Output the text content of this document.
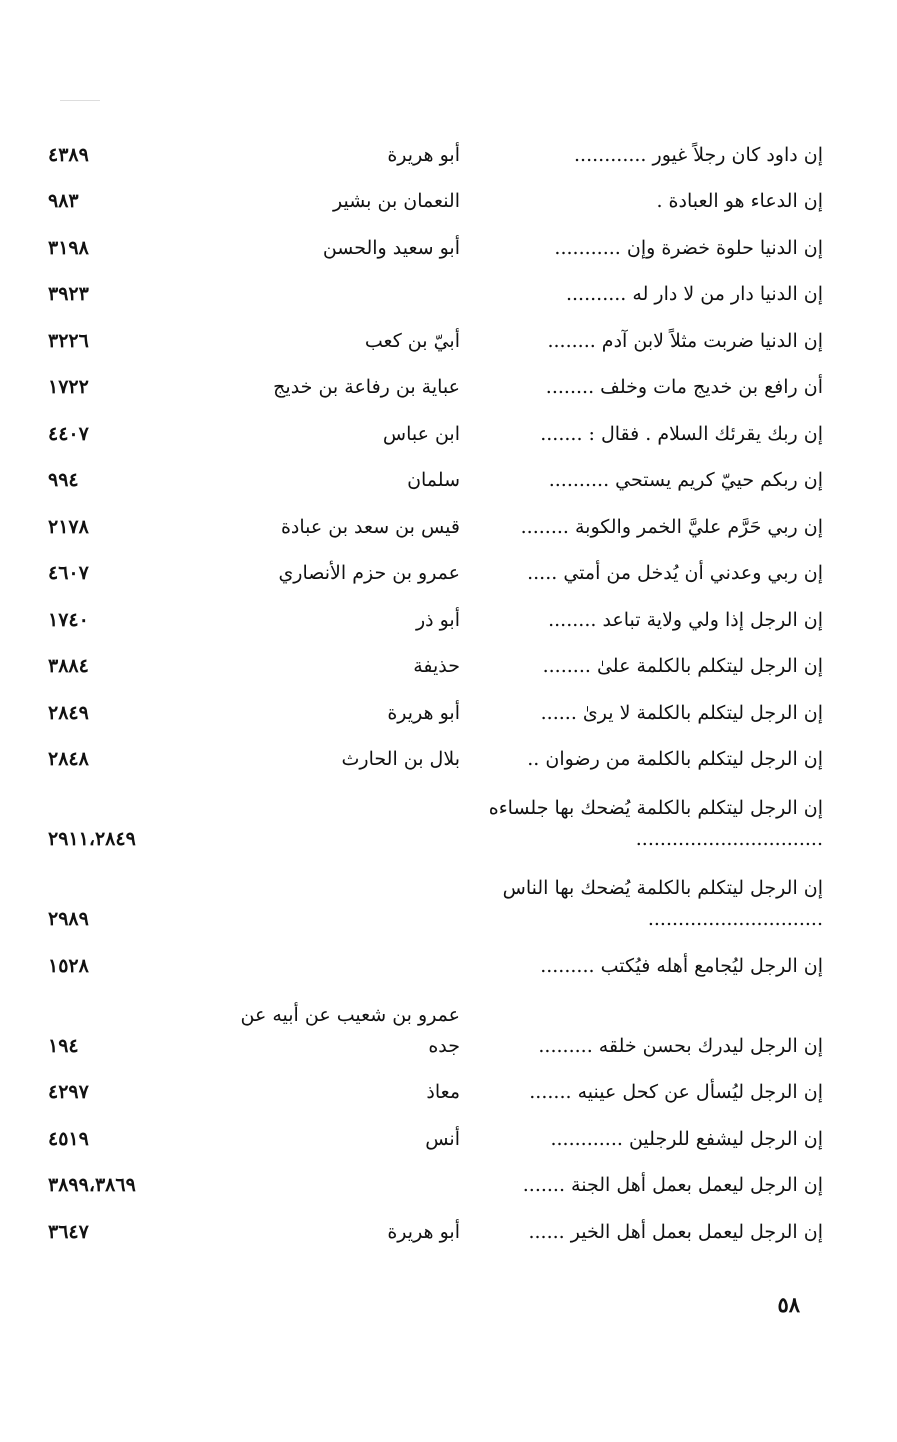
إن داود كان رجلاً غيور ............
أبو هريرة
٤٣٨٩
إن الدعاء هو العبادة .
النعمان بن بشير
٩٨٣
إن الدنيا حلوة خضرة وإن ...........
أبو سعيد والحسن
٣١٩٨
إن الدنيا دار من لا دار له ..........
٣٩٢٣
إن الدنيا ضربت مثلاً لابن آدم ........
أبيّ بن كعب
٣٢٢٦
أن رافع بن خديج مات وخلف ........
عباية بن رفاعة بن خديج
١٧٢٢
إن ربك يقرئك السلام . فقال : .......
ابن عباس
٤٤٠٧
إن ربكم حييّ كريم يستحي ..........
سلمان
٩٩٤
إن ربي حَرَّم عليَّ الخمر والكوبة ........
قيس بن سعد بن عبادة
٢١٧٨
إن ربي وعدني أن يُدخل من أمتي .....
عمرو بن حزم الأنصاري
٤٦٠٧
إن الرجل إذا ولي ولاية تباعد ........
أبو ذر
١٧٤٠
إن الرجل ليتكلم بالكلمة علىٰ ........
حذيفة
٣٨٨٤
إن الرجل ليتكلم بالكلمة لا يرىٰ ......
أبو هريرة
٢٨٤٩
إن الرجل ليتكلم بالكلمة من رضوان ..
بلال بن الحارث
٢٨٤٨
إن الرجل ليتكلم بالكلمة يُضحك بها جلساءه ...............................
٢٩١١،٢٨٤٩
إن الرجل ليتكلم بالكلمة يُضحك بها الناس .............................
٢٩٨٩
إن الرجل ليُجامع أهله فيُكتب .........
١٥٢٨
إن الرجل ليدرك بحسن خلقه .........
عمرو بن شعيب عن أبيه عن جده
١٩٤
إن الرجل ليُسأل عن كحل عينيه .......
معاذ
٤٢٩٧
إن الرجل ليشفع للرجلين ............
أنس
٤٥١٩
إن الرجل ليعمل بعمل أهل الجنة .......
٣٨٩٩،٣٨٦٩
إن الرجل ليعمل بعمل أهل الخير ......
أبو هريرة
٣٦٤٧
٥٨
